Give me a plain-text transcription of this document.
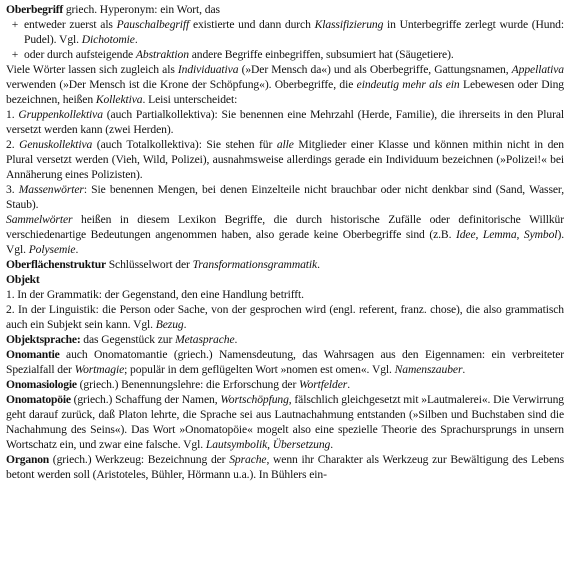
Oberbegriff griech. Hyperonym: ein Wort, das

+ entweder zuerst als Pauschalbegriff existierte und dann durch Klassifizierung in Unterbegriffe zerlegt wurde (Hund: Pudel). Vgl. Dichotomie.
+ oder durch aufsteigende Abstraktion andere Begriffe einbegriffen, subsumiert hat (Säugetiere).

Viele Wörter lassen sich zugleich als Individuativa (»Der Mensch da«) und als Oberbegriffe, Gattungsnamen, Appellativa verwenden (»Der Mensch ist die Krone der Schöpfung«). Oberbegriffe, die eindeutig mehr als ein Lebewesen oder Ding bezeichnen, heißen Kollektiva. Leisi unterscheidet:

1. Gruppenkollektiva (auch Partialkollektiva): Sie benennen eine Mehrzahl (Herde, Familie), die ihrerseits in den Plural versetzt werden kann (zwei Herden).

2. Genuskollektiva (auch Totalkollektiva): Sie stehen für alle Mitglieder einer Klasse und können mithin nicht in den Plural versetzt werden (Vieh, Wild, Polizei), ausnahmsweise allerdings gerade ein Individuum bezeichnen (»Polizei!« bei Annäherung eines Polizisten).

3. Massenwörter: Sie benennen Mengen, bei denen Einzelteile nicht brauchbar oder nicht denkbar sind (Sand, Wasser, Staub).

Sammelwörter heißen in diesem Lexikon Begriffe, die durch historische Zufälle oder definitorische Willkür verschiedenartige Bedeutungen angenommen haben, also gerade keine Oberbegriffe sind (z.B. Idee, Lemma, Symbol). Vgl. Polysemie.

Oberflächenstruktur Schlüsselwort der Transformationsgrammatik.

Objekt

1. In der Grammatik: der Gegenstand, den eine Handlung betrifft.

2. In der Linguistik: die Person oder Sache, von der gesprochen wird (engl. referent, franz. chose), die also grammatisch auch ein Subjekt sein kann. Vgl. Bezug.

Objektsprache: das Gegenstück zur Metasprache.

Onomantie auch Onomatomantie (griech.) Namensdeutung, das Wahrsagen aus den Eigennamen: ein verbreiteter Spezialfall der Wortmagie; populär in dem geflügelten Wort »nomen est omen«. Vgl. Namenszauber.

Onomasiologie (griech.) Benennungslehre: die Erforschung der Wortfelder.

Onomatopöie (griech.) Schaffung der Namen, Wortschöpfung, fälschlich gleichgesetzt mit »Lautmalerei«. Die Verwirrung geht darauf zurück, daß Platon lehrte, die Sprache sei aus Lautnachahmung entstanden (»Silben und Buchstaben sind die Nachahmung des Seins«). Das Wort »Onomatopöie« mogelt also eine spezielle Theorie des Sprachursprungs in unsern Wortschatz ein, und zwar eine falsche. Vgl. Lautsymbolik, Übersetzung.

Organon (griech.) Werkzeug: Bezeichnung der Sprache, wenn ihr Charakter als Werkzeug zur Bewältigung des Lebens betont werden soll (Aristoteles, Bühler, Hörmann u.a.). In Bühlers ein-
